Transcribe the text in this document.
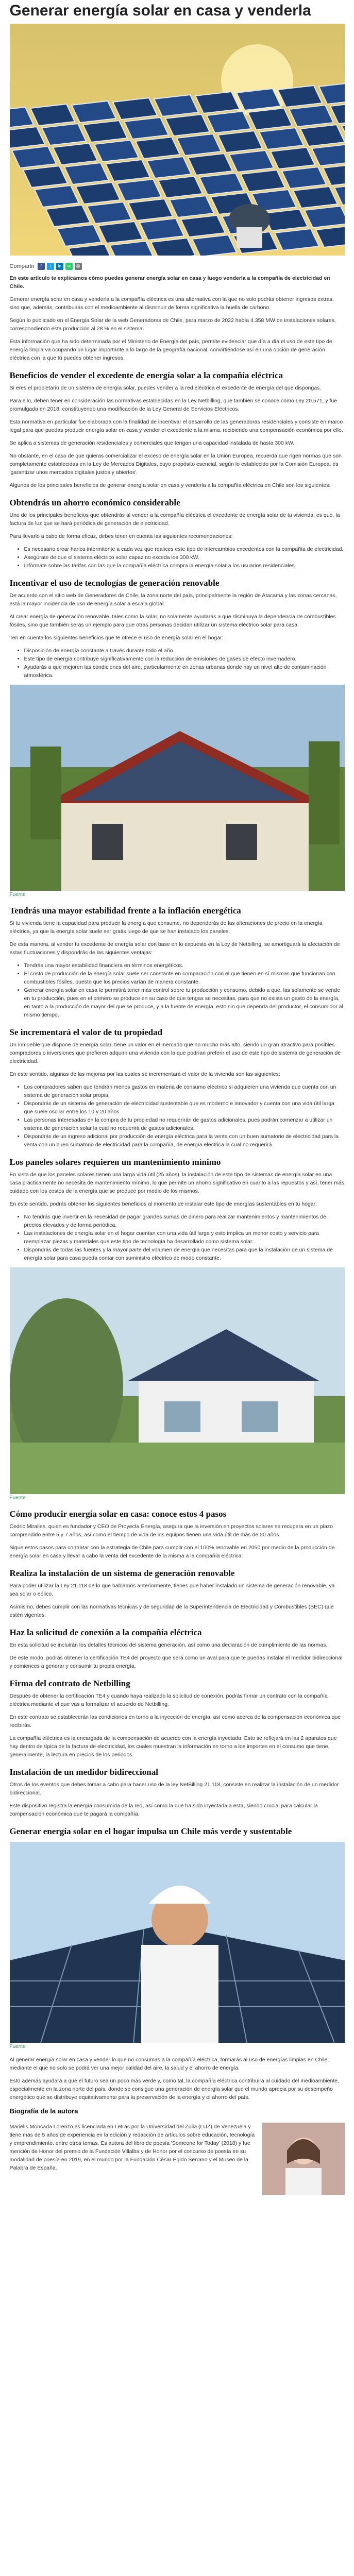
Generar energía solar en casa y venderla
Compartir	f	t	in	w	@

En este artículo te explicamos cómo puedes generar energía solar en casa y luego venderla a la compañía de electricidad en Chile.

Generar energía solar en casa y venderla a la compañía eléctrica es una alternativa con la que no solo podrás obtener ingresos extras, sino que, además, contribuirás con el medioambiente al disminuir de forma significativa la huella de carbono.

Según lo publicado en el Energía Solar de la web Generadoras de Chile, para marzo de 2022 había 4.358 MW de instalaciones solares, correspondiendo esta producción al 28 % en el sistema.

Esta información que ha sido determinada por el Ministerio de Energía del país, permite evidenciar que día a día el uso de este tipo de energía limpia va ocupando un lugar importante a lo largo de la geografía nacional, convirtiéndose así en una opción de generación eléctrica con la que tú puedes obtener ingresos.

Beneficios de vender el excedente de energía solar a la compañía eléctrica

Si eres el propietario de un sistema de energía solar, puedes vender a la red eléctrica el excedente de energía del que dispongas.

Para ello, deben tener en consideración las normativas establecidas en la Ley Netbilling, que también se conoce como Ley 20.571, y fue promulgada en 2018, constituyendo una modificación de la Ley General de Servicios Eléctricos.

Esta normativa en particular fue elaborada con la finalidad de incentivar el desarrollo de las generadoras residenciales y consiste en marco legal para que puedas producir energía solar en casa y vender el excedente a la misma, recibiendo una compensación económica por ello.

Se aplica a sistemas de generación residenciales y comerciales que tengan una capacidad instalada de hasta 300 kW.

No obstante, en el caso de que quieras comercializar el exceso de energía solar en la Unión Europea, recuerda que rigen normas que son completamente establecidas en la Ley de Mercados Digitales, cuyo propósito esencial, según lo establecido por la Comisión Europea, es 'garantizar unos mercados digitales justos y abiertos'.

Algunos de los principales beneficios de generar energía solar en casa y venderla a la compañía eléctrica en Chile son los siguientes:

Obtendrás un ahorro económico considerable

Uno de los principales beneficios que obtendrás al vender a la compañía eléctrica el excedente de energía solar de tu vivienda, es que, la factura de luz que se hará periódica de generación de electricidad.

Para llevarlo a cabo de forma eficaz, debes tener en cuenta las siguientes recomendaciones:

• Es necesario crear harica intermitente a cada vez que realices este tipo de intercambios excedentes con la compañía de electricidad.
• Asegúrate de que el sistema eléctrico solar capaz no exceda los 300 kW.
• Infórmate sobre las tarifas con las que la compañía eléctrica compra la energía solar a los usuarios residenciales.
Incentivar el uso de tecnologías de generación renovable

De acuerdo con el sitio web de Generadores de Chile, la zona norte del país, principalmente la región de Atacama y las zonas cercanas, está la mayor incidencia de uso de energía solar a escala global.

Al crear energía de generación renovable, tales como la solar, no solamente ayudarás a que disminuya la dependencia de combustibles fósiles, sino que también serás un ejemplo para que otras personas decidan utilizar un sistema eléctrico solar para casa.

Ten en cuenta los siguientes beneficios que te ofrece el uso de energía solar en el hogar:

• Disposición de energía constante a través durante todo el año.
• Este tipo de energía contribuye significativamente con la reducción de emisiones de gases de efecto invernadero.
• Ayudarás a que mejoren las condiciones del aire, particularmente en zonas urbanas donde hay un nivel alto de contaminación atmosférica.
Fuente
Tendrás una mayor estabilidad frente a la inflación energética

Si tu vivienda tiene la capacidad para producir la energía que consume, no dependerás de las alteraciones de precio en la energía eléctrica, ya que la energía solar suele ser gratis luego de que se han instalado los paneles.

De esta manera, al vender tu excedente de energía solar con base en lo expuesto en la Ley de Netbilling, se amortiguará la afectación de estas fluctuaciones y dispondrás de las siguientes ventajas:

• Tendrás una mayor estabilidad financiera en términos energéticos.
• El costo de producción de la energía solar suele ser constante en comparación con el que tienen en sí mismas que funcionan con combustibles fósiles, puesto que los precios varían de manera constante.
• Generar energía solar en casa te permitirá tener más control sobre tu producción y consumo, debido a que, las solamente se vende en tu producción, pues en el primero se produce en su caso de que tengas se necesitas, para que no exista un gasto de la energía, en tanto a la producción de mayor del que se produce, y a la fuente de energía, esto sin que dependa del productor, el consumidor al mismo tiempo.
Se incrementará el valor de tu propiedad

Un inmueble que dispone de energía solar, tiene un valor en el mercado que no mucho más alto, siendo un gran atractivo para posibles compradores o inversiones que prefieren adquirir una vivienda con la que podrían preferir el uso de este tipo de sistema de generación de electricidad.

En este sentido, algunas de las mejoras por las cuales se incrementará el valor de la vivienda son las siguientes:

• Los compradores saben que tendrán menos gastos en materia de consumo eléctrico si adquieren una vivienda que cuenta con un sistema de generación solar propia.
• Dispondrás de un sistema de generación de electricidad sustentable que es moderno e innovador y cuenta con una vida útil larga que suele oscilar entre los 10 y 20 años.
• Las personas interesadas en la compra de tu propiedad no requerirán de gastos adicionales, pues podrán comenzar a utilizar un sistema de generación solar la cual no requerirá de gastos adicionales.
• Dispondrás de un ingreso adicional por producción de energía eléctrica para la venta con un buen sumatorio de electricidad para la venta con un buen sumatorio de electricidad para la compañía, de energía eléctrica la cual no requerirá.
Los paneles solares requieren un mantenimiento mínimo

En vista de que los paneles solares tienen una larga vida útil (25 años), la instalación de este tipo de sistemas de energía solar en una casa prácticamente no necesita de mantenimiento mínimo, lo que permite un ahorro significativo en cuanto a las repuestos y así, tener más cuidado con los costos de la energía que se produce por medio de los mismos.

En este sentido, podrás obtener los siguientes beneficios al momento de instalar este tipo de energías sustentables en tu hogar:

• No tendrás que invertir en la necesidad de pagar grandes sumas de dinero para realizar mantenimientos y mantenimientos de precios elevados y de forma periódica.
• Las instalaciones de energía solar en el hogar cuentan con una vida útil larga y esto implica un menor costo y servicio para reemplazar piezas y materiales que este tipo de tecnología ha desarrollado como sistema solar.
• Dispondrás de todas las fuentes y la mayor parte del volumen de energía que necesitas para que la instalación de un sistema de energía solar para casa pueda contar con suministro eléctrico de modo constante.
Fuente
Cómo producir energía solar en casa: conoce estos 4 pasos

Cedric Miralles, quien es fundador y CEO de Proyecta Energía, asegura que la inversión en proyectos solares se recupera en un plazo comprendido entre 5 y 7 años, así como el tiempo de vida de los equipos tienen una vida útil de más de 20 años.

Sigue estos pasos para contratar con la estrategia de Chile para cumplir con el 100% renovable en 2050 por medio de la producción de energía solar en casa y llevar a cabo la venta del excedente de la misma a la compañía eléctrica:

Realiza la instalación de un sistema de generación renovable

Para poder utilizar la Ley 21.118 de lo que hablamos anteriormente, tienes que haber instalado un sistema de generación renovable, ya sea solar o eólico.

Asimismo, debes cumplir con las normativas técnicas y de seguridad de la Superintendencia de Electricidad y Combustibles (SEC) que estén vigentes.

Haz la solicitud de conexión a la compañía eléctrica

En esta solicitud se incluirán los detalles técnicos del sistema generación, así como una declaración de cumplimiento de las normas.

De este modo, podrás obtener la certificación TE4 del proyecto que será como un aval para que te puedas instalar el medidor bidireccional y comiences a generar y consumir tu propia energía.

Firma del contrato de Netbilling

Después de obtener la certificación TE4 y cuando haya realizado la solicitud de conexión, podrás firmar un contrato con la compañía eléctrica mediante el que vas a formalizar el acuerdo de Netbilling.

En este contrato se establecerán las condiciones en torno a la inyección de energía, así como acerca de la compensación económica que recibirás.

La compañía eléctrica es la encargada de la compensación de acuerdo con la energía inyectada. Esto se reflejará en las 2 aparatos que hay dentro de típica de la factura de electricidad, los cuales muestran la información en torno a los importes en el consumo que tiene, generalmente, la lectura en precios de los periodos.

Instalación de un medidor bidireccional

Otros de los eventos que debes tomar a cabo para hacer uso de la ley NetBilling 21.118, consiste en realizar la instalación de un medidor bidireccional.

Este dispositivo registra la energía consumida de la red, así como la que ha sido inyectada a esta, siendo crucial para calcular la compensación económica que te pagará la compañía.

Generar energía solar en el hogar impulsa un Chile más verde y sustentable
Fuente

Al generar energía solar en casa y vender lo que no consumas a la compañía eléctrica, formarás al uso de energías limpias en Chile, mediante el que no solo se podrá ver una mejor calidad del aire, la salud y el ahorro de energía.

Esto además ayudará a que el futuro sea un poco más verde y, como tal, la compañía eléctrica contribuirá al cuidado del medioambiente, especialmente en la zona norte del país, donde se consigue una generación de energía solar que el mundo aprecia por su desempeño energético que se distribuye equitativamente para la preservación de la energía y el ahorro del país.

Biografía de la autora

Marielis Moncada Lorenzo es licenciada en Letras por la Universidad del Zulia (LUZ) de Venezuela y tiene más de 5 años de experiencia en la edición y redacción de artículos sobre educación, tecnología y emprendimiento, entre otros temas. Es autora del libro de poesía 'Someone for Today' (2018) y fue mención de Honor del premio de la Fundación Villalba y de Honor por el concurso de poesía en su modalidad de poesía en 2019, en el mundo por la Fundación César Egido Serrano y el Museo de la Palabra de España.
